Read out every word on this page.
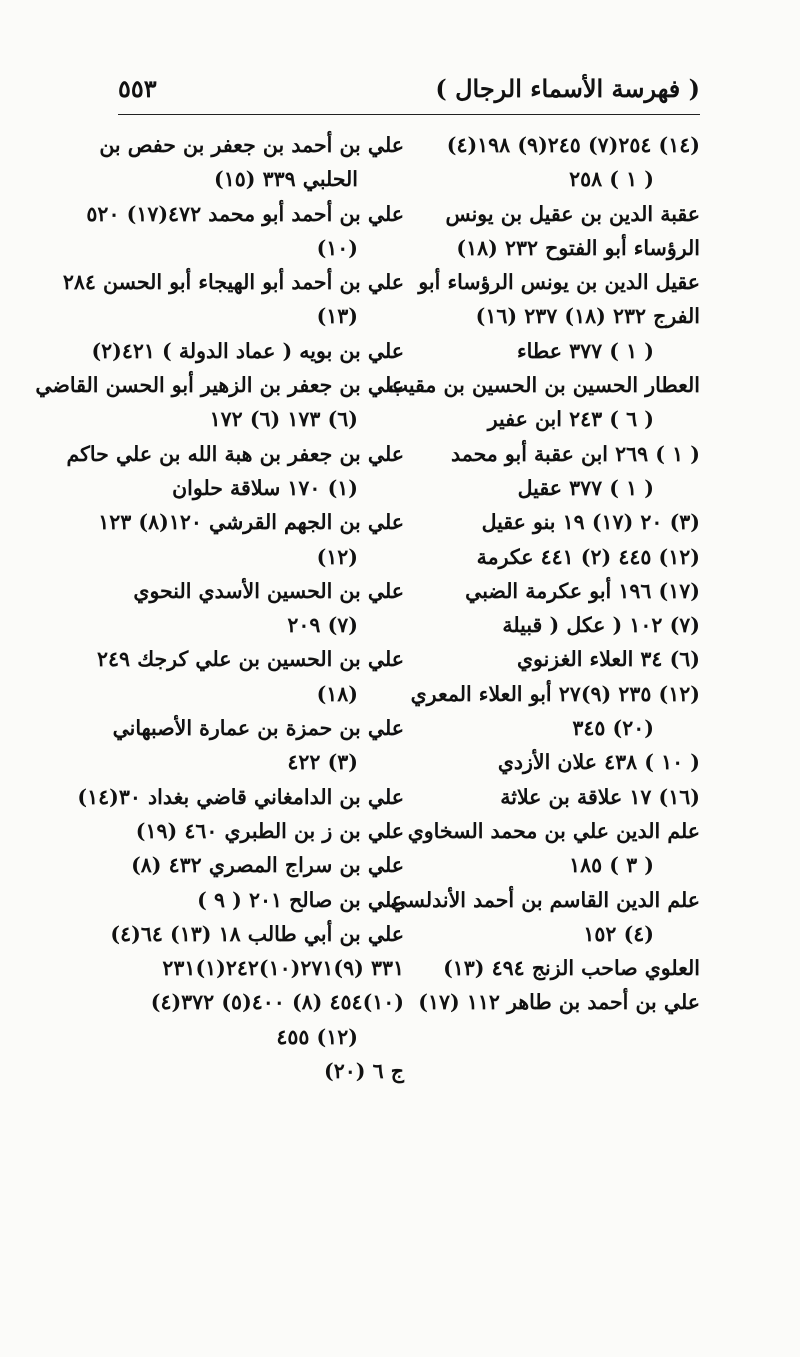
٥٥٣	( فهرسة الأسماء الرجال )
(١٤) ٢٥٤(٧) ٢٤٥(٩) ١٩٨(٤)
( ١ ) ٢٥٨
عقبة الدين بن عقيل بن يونس
الرؤساء أبو الفتوح ٢٣٢ (١٨)
عقيل الدين بن يونس الرؤساء أبو
الفرج ٢٣٢ (١٨) ٢٣٧ (١٦)
( ١ ) ٣٧٧ عطاء
العطار الحسين بن الحسين بن مقيب
( ٦ ) ٢٤٣ ابن عفير
( ١ ) ٢٦٩ ابن عقبة أبو محمد
( ١ ) ٣٧٧ عقيل
(٣) ٢٠ (١٧) ١٩ بنو عقيل
(١٢) ٤٤٥ (٢) ٤٤١ عكرمة
(١٧) ١٩٦ أبو عكرمة الضبي
(٧) ١٠٢ ( عكل ( قبيلة
(٦) ٣٤ العلاء الغزنوي
(١٢) ٢٣٥ (٩)٢٧ أبو العلاء المعري
(٢٠) ٣٤٥
( ١٠ ) ٤٣٨ علان الأزدي
(١٦) ١٧ علاقة بن علاثة
علم الدين علي بن محمد السخاوي
( ٣ ) ١٨٥
علم الدين القاسم بن أحمد الأندلسي
(٤) ١٥٢
العلوي صاحب الزنج ٤٩٤ (١٣)
علي بن أحمد بن طاهر ١١٢ (١٧)
علي بن أحمد بن جعفر بن حفص بن
الحلبي ٣٣٩ (١٥)
علي بن أحمد أبو محمد ٤٧٢(١٧) ٥٢٠
(١٠)
علي بن أحمد أبو الهيجاء أبو الحسن ٢٨٤
(١٣)
علي بن بويه ( عماد الدولة ) ٤٢١(٢)
علي بن جعفر بن الزهير أبو الحسن القاضي
(٦) ١٧٣ (٦) ١٧٢
علي بن جعفر بن هبة الله بن علي حاكم
(١) ١٧٠ سلاقة حلوان
علي بن الجهم القرشي ١٢٠(٨) ١٢٣
(١٢)
علي بن الحسين الأسدي النحوي
(٧) ٢٠٩
علي بن الحسين بن علي كرجك ٢٤٩
(١٨)
علي بن حمزة بن عمارة الأصبهاني
(٣) ٤٢٢
علي بن الدامغاني قاضي بغداد ٣٠(١٤)
علي بن ز بن الطبري ٤٦٠ (١٩)
علي بن سراج المصري ٤٣٢ (٨)
علي بن صالح ٢٠١ ( ٩ )
علي بن أبي طالب ١٨ (١٣) ٦٤(٤)
٣٣١ (٩)٢٧١(١٠)٢٤٢(١)٢٣١
(١٠)٤٥٤ (٨) ٤٠٠(٥) ٣٧٢(٤)
(١٢) ٤٥٥
ج ٦ (٢٠)
